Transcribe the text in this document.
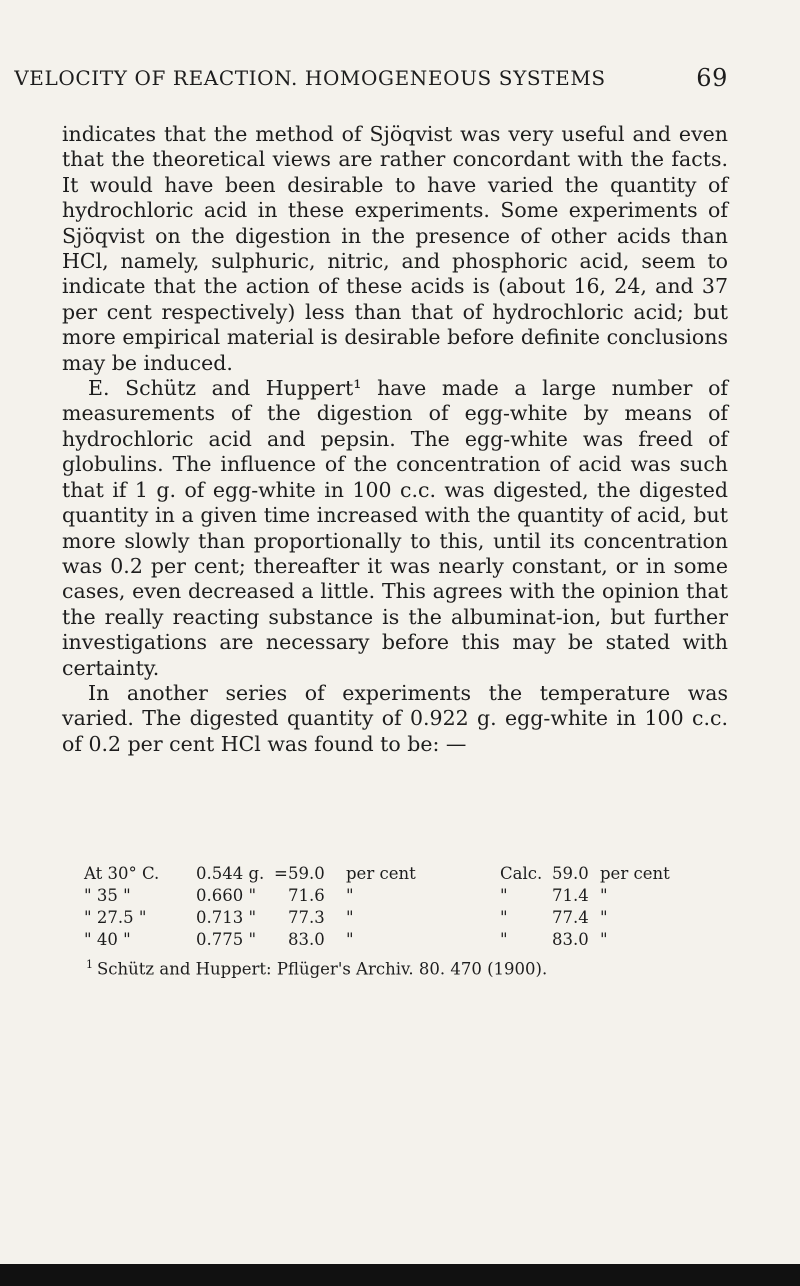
VELOCITY OF REACTION. HOMOGENEOUS SYSTEMS	69

indicates that the method of Sjöqvist was very useful and even that the theoretical views are rather concordant with the facts. It would have been desirable to have varied the quantity of hydrochloric acid in these experiments. Some experiments of Sjöqvist on the digestion in the presence of other acids than HCl, namely, sulphuric, nitric, and phosphoric acid, seem to indicate that the action of these acids is (about 16, 24, and 37 per cent respectively) less than that of hydrochloric acid; but more empirical material is desirable before definite conclusions may be induced.

E. Schütz and Huppert¹ have made a large number of measurements of the digestion of egg-white by means of hydrochloric acid and pepsin. The egg-white was freed of globulins. The influence of the concentration of acid was such that if 1 g. of egg-white in 100 c.c. was digested, the digested quantity in a given time increased with the quantity of acid, but more slowly than proportionally to this, until its concentration was 0.2 per cent; thereafter it was nearly constant, or in some cases, even decreased a little. This agrees with the opinion that the really reacting substance is the albuminat-ion, but further investigations are necessary before this may be stated with certainty.

In another series of experiments the temperature was varied. The digested quantity of 0.922 g. egg-white in 100 c.c. of 0.2 per cent HCl was found to be: —

At 30° C. 0.544 g. = 59.0 per cent	Calc. 59.0 per cent
" 35 "	0.660 " 71.6 "	"	71.4 "
" 27.5 "	0.713 " 77.3 "	"	77.4 "
" 40 "	0.775 " 83.0 "	"	83.0 "
$^1$ Schütz and Huppert: Pflüger's Archiv. 80. 470 (1900).
